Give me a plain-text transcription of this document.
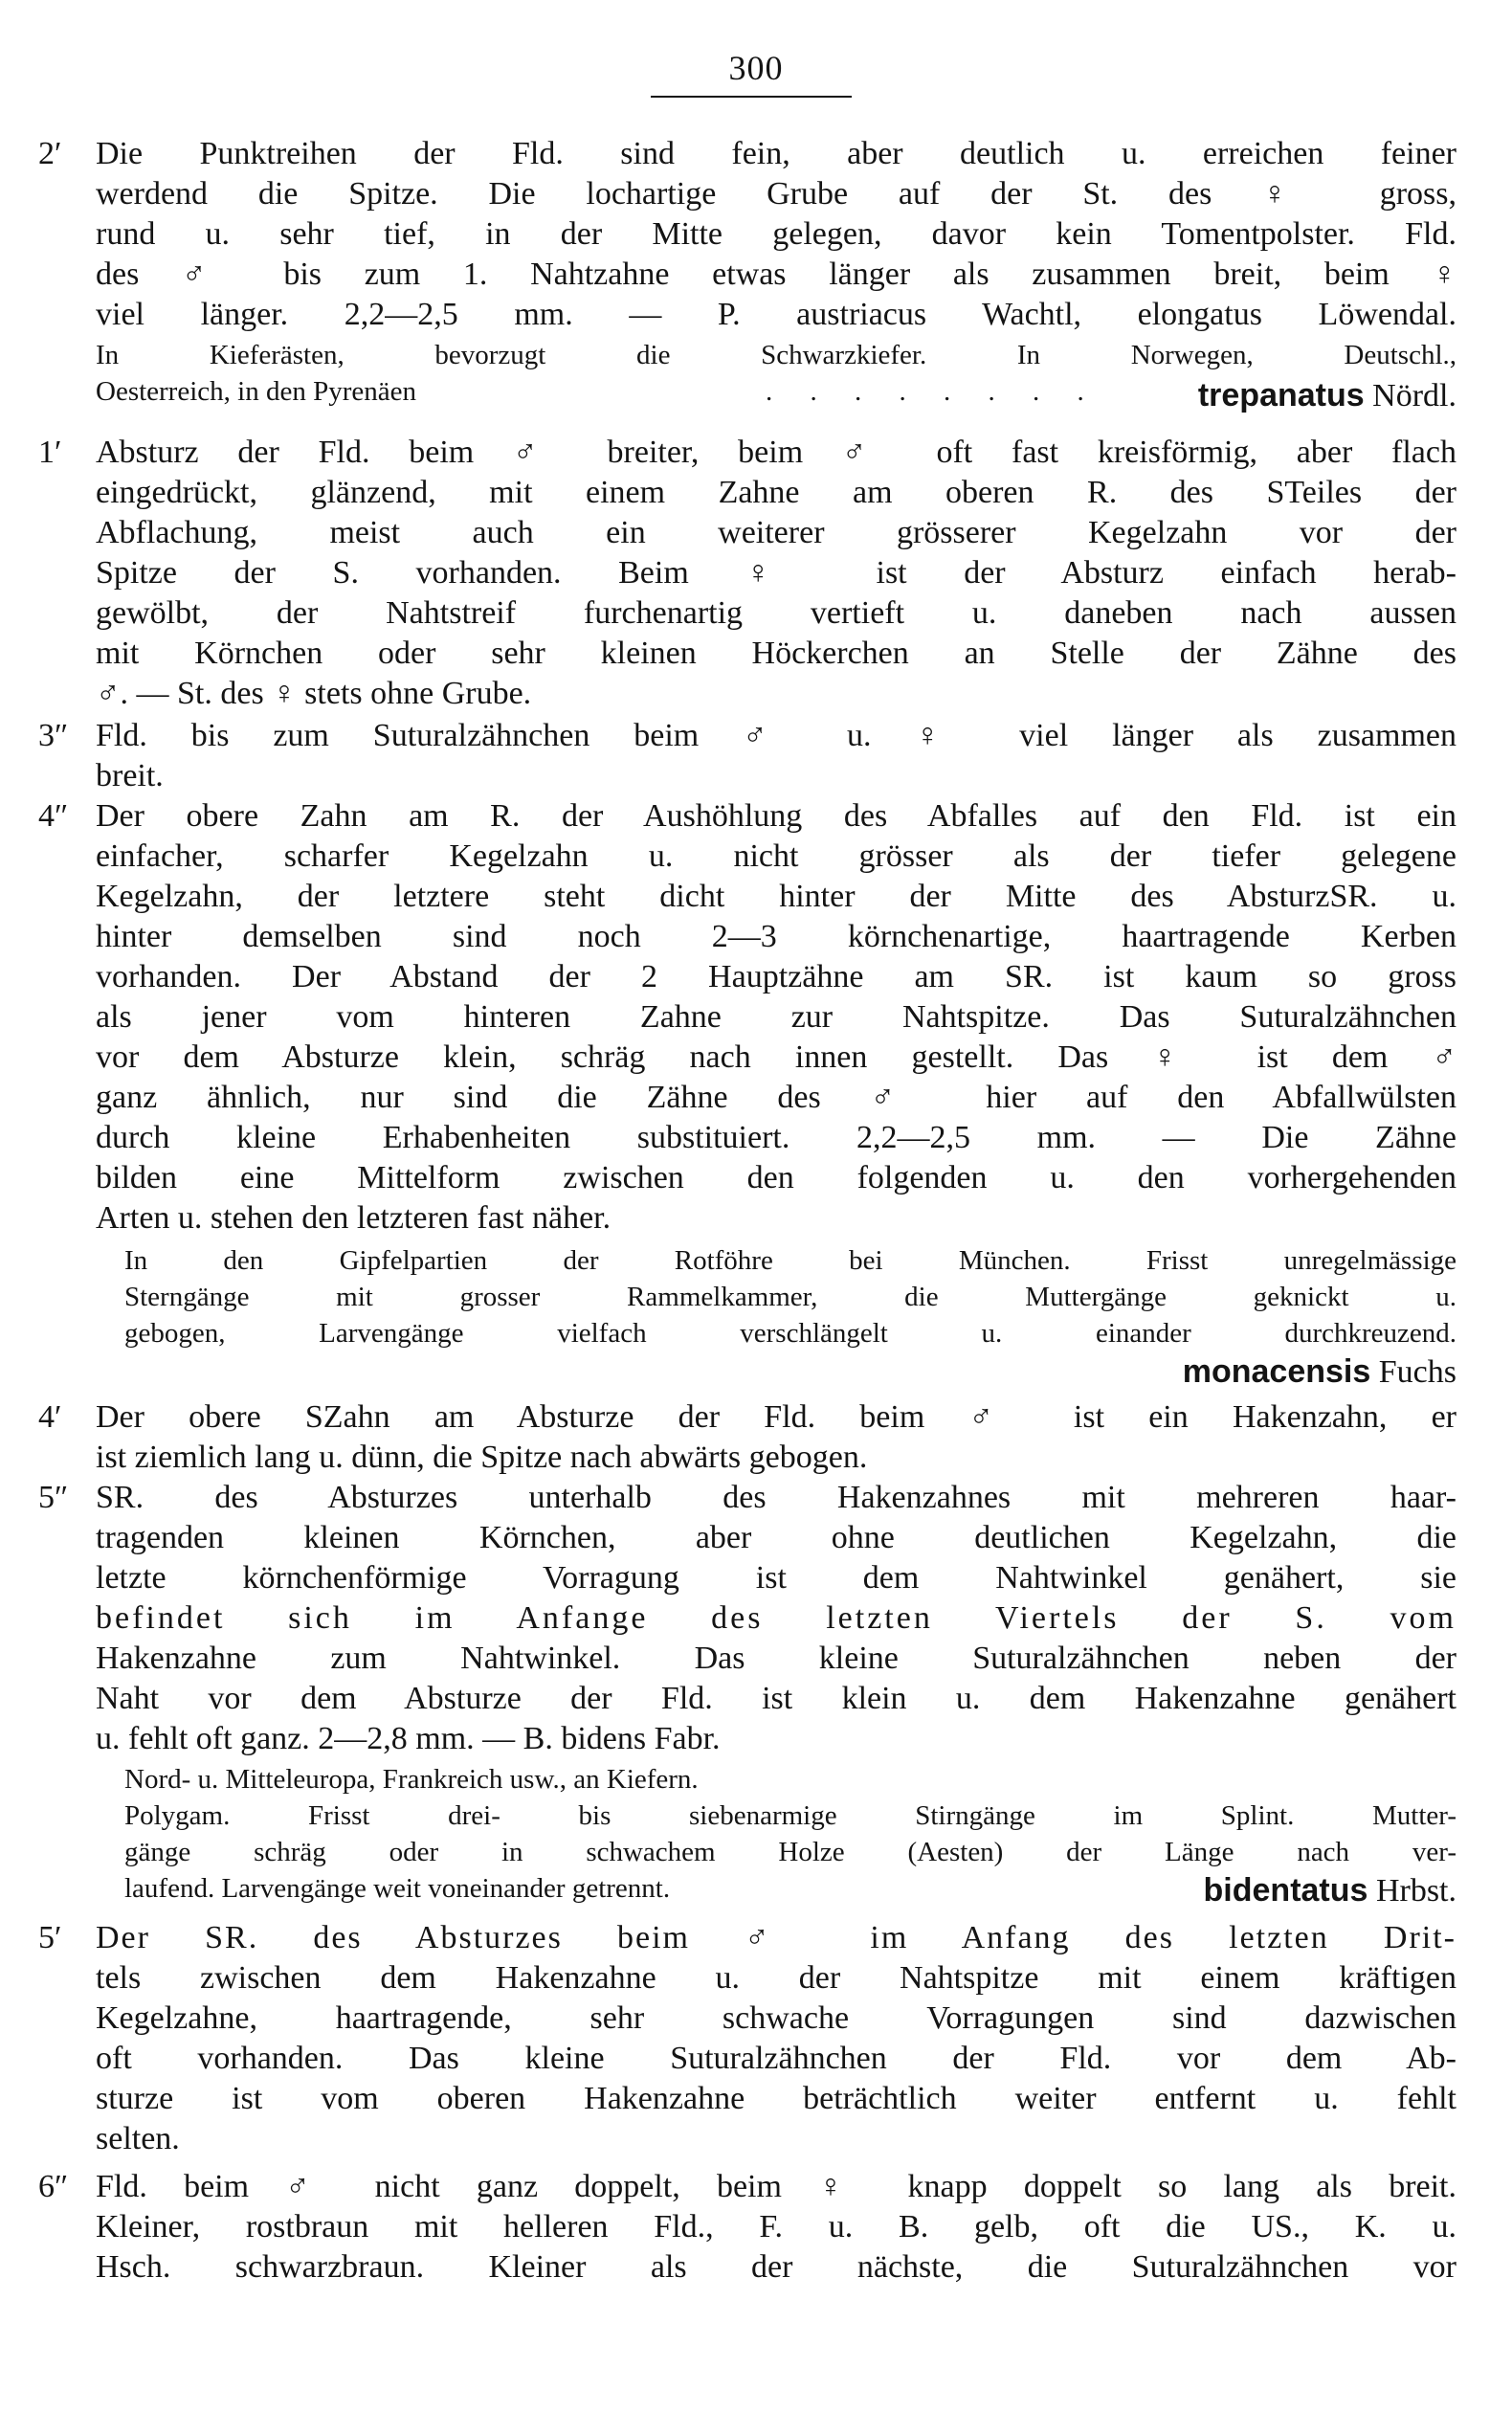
300
2′	Die Punktreihen der Fld. sind fein, aber deutlich u. erreichen feiner
werdend die Spitze. Die lochartige Grube auf der St. des ♀ gross,
rund u. sehr tief, in der Mitte gelegen, davor kein Tomentpolster. Fld.
des ♂ bis zum 1. Nahtzahne etwas länger als zusammen breit, beim ♀
viel länger. 2,2—2,5 mm. — P. austriacus Wachtl, elongatus Löwendal.
In Kieferästen, bevorzugt die Schwarzkiefer. In Norwegen, Deutschl.,
Oesterreich, in den Pyrenäen	. . . . . . . .	trepanatus Nördl.
1′	Absturz der Fld. beim ♂ breiter, beim ♂ oft fast kreisförmig, aber flach
eingedrückt, glänzend, mit einem Zahne am oberen R. des STeiles der
Abflachung, meist auch ein weiterer grösserer Kegelzahn vor der
Spitze der S. vorhanden. Beim ♀ ist der Absturz einfach herab-
gewölbt, der Nahtstreif furchenartig vertieft u. daneben nach aussen
mit Körnchen oder sehr kleinen Höckerchen an Stelle der Zähne des
♂. — St. des ♀ stets ohne Grube.
3″ Fld. bis zum Suturalzähnchen beim ♂ u. ♀ viel länger als zusammen
breit.
4″ Der obere Zahn am R. der Aushöhlung des Abfalles auf den Fld. ist ein
einfacher, scharfer Kegelzahn u. nicht grösser als der tiefer gelegene
Kegelzahn, der letztere steht dicht hinter der Mitte des AbsturzSR. u.
hinter demselben sind noch 2—3 körnchenartige, haartragende Kerben
vorhanden. Der Abstand der 2 Hauptzähne am SR. ist kaum so gross
als jener vom hinteren Zahne zur Nahtspitze. Das Suturalzähnchen
vor dem Absturze klein, schräg nach innen gestellt. Das ♀ ist dem ♂
ganz ähnlich, nur sind die Zähne des ♂ hier auf den Abfallwülsten
durch kleine Erhabenheiten substituiert. 2,2—2,5 mm. — Die Zähne
bilden eine Mittelform zwischen den folgenden u. den vorhergehenden
Arten u. stehen den letzteren fast näher.
In den Gipfelpartien der Rotföhre bei München. Frisst unregelmässige
Sterngänge mit grosser Rammelkammer, die Muttergänge geknickt u.
gebogen, Larvengänge vielfach verschlängelt u. einander durchkreuzend.
monacensis Fuchs
4′	Der obere SZahn am Absturze der Fld. beim ♂ ist ein Hakenzahn, er
ist ziemlich lang u. dünn, die Spitze nach abwärts gebogen.
5″ SR. des Absturzes unterhalb des Hakenzahnes mit mehreren haar-
tragenden kleinen Körnchen, aber ohne deutlichen Kegelzahn, die
letzte körnchenförmige Vorragung ist dem Nahtwinkel genähert, sie
befindet sich im Anfange des letzten Viertels der S. vom
Hakenzahne zum Nahtwinkel. Das kleine Suturalzähnchen neben der
Naht vor dem Absturze der Fld. ist klein u. dem Hakenzahne genähert
u. fehlt oft ganz. 2—2,8 mm. — B. bidens Fabr.
Nord- u. Mitteleuropa, Frankreich usw., an Kiefern.
Polygam. Frisst drei- bis siebenarmige Stirngänge im Splint. Mutter-
gänge schräg oder in schwachem Holze (Aesten) der Länge nach ver-
laufend. Larvengänge weit voneinander getrennt.	bidentatus Hrbst.
5′	Der SR. des Absturzes beim ♂ im Anfang des letzten Drit-
tels zwischen dem Hakenzahne u. der Nahtspitze mit einem kräftigen
Kegelzahne, haartragende, sehr schwache Vorragungen sind dazwischen
oft vorhanden. Das kleine Suturalzähnchen der Fld. vor dem Ab-
sturze ist vom oberen Hakenzahne beträchtlich weiter entfernt u. fehlt
selten.
6″ Fld. beim ♂ nicht ganz doppelt, beim ♀ knapp doppelt so lang als breit.
Kleiner, rostbraun mit helleren Fld., F. u. B. gelb, oft die US., K. u.
Hsch. schwarzbraun. Kleiner als der nächste, die Suturalzähnchen vor
